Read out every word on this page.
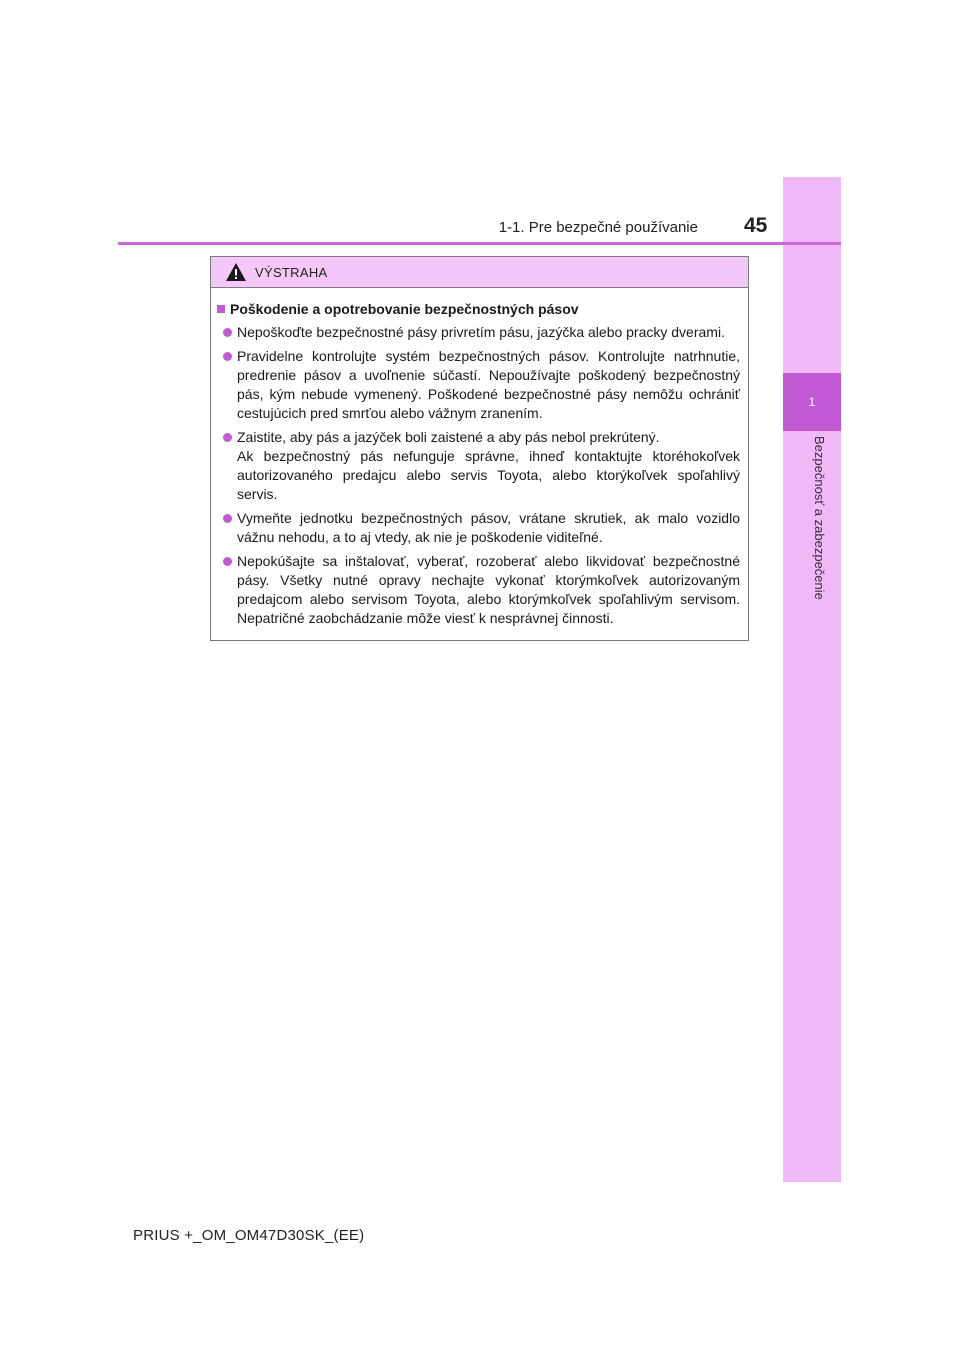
1
Bezpečnosť a zabezpečenie
1-1. Pre bezpečné používanie 45
VÝSTRAHA
Poškodenie a opotrebovanie bezpečnostných pásov
Nepoškoďte bezpečnostné pásy privretím pásu, jazýčka alebo pracky dverami.
Pravidelne kontrolujte systém bezpečnostných pásov. Kontrolujte natrhnutie, predrenie pásov a uvoľnenie súčastí. Nepoužívajte poškodený bezpečnostný pás, kým nebude vymenený. Poškodené bezpečnostné pásy nemôžu ochrániť cestujúcich pred smrťou alebo vážnym zranením.
Zaistite, aby pás a jazýček boli zaistené a aby pás nebol prekrútený.
Ak bezpečnostný pás nefunguje správne, ihneď kontaktujte ktoréhokoľvek autorizovaného predajcu alebo servis Toyota, alebo ktorýkoľvek spoľahlivý servis.
Vymeňte jednotku bezpečnostných pásov, vrátane skrutiek, ak malo vozidlo vážnu nehodu, a to aj vtedy, ak nie je poškodenie viditeľné.
Nepokúšajte sa inštalovať, vyberať, rozoberať alebo likvidovať bezpečnostné pásy. Všetky nutné opravy nechajte vykonať ktorýmkoľvek autorizovaným predajcom alebo servisom Toyota, alebo ktorýmkoľvek spoľahlivým servisom. Nepatričné zaobchádzanie môže viesť k nesprávnej činnosti.
PRIUS +_OM_OM47D30SK_(EE)
